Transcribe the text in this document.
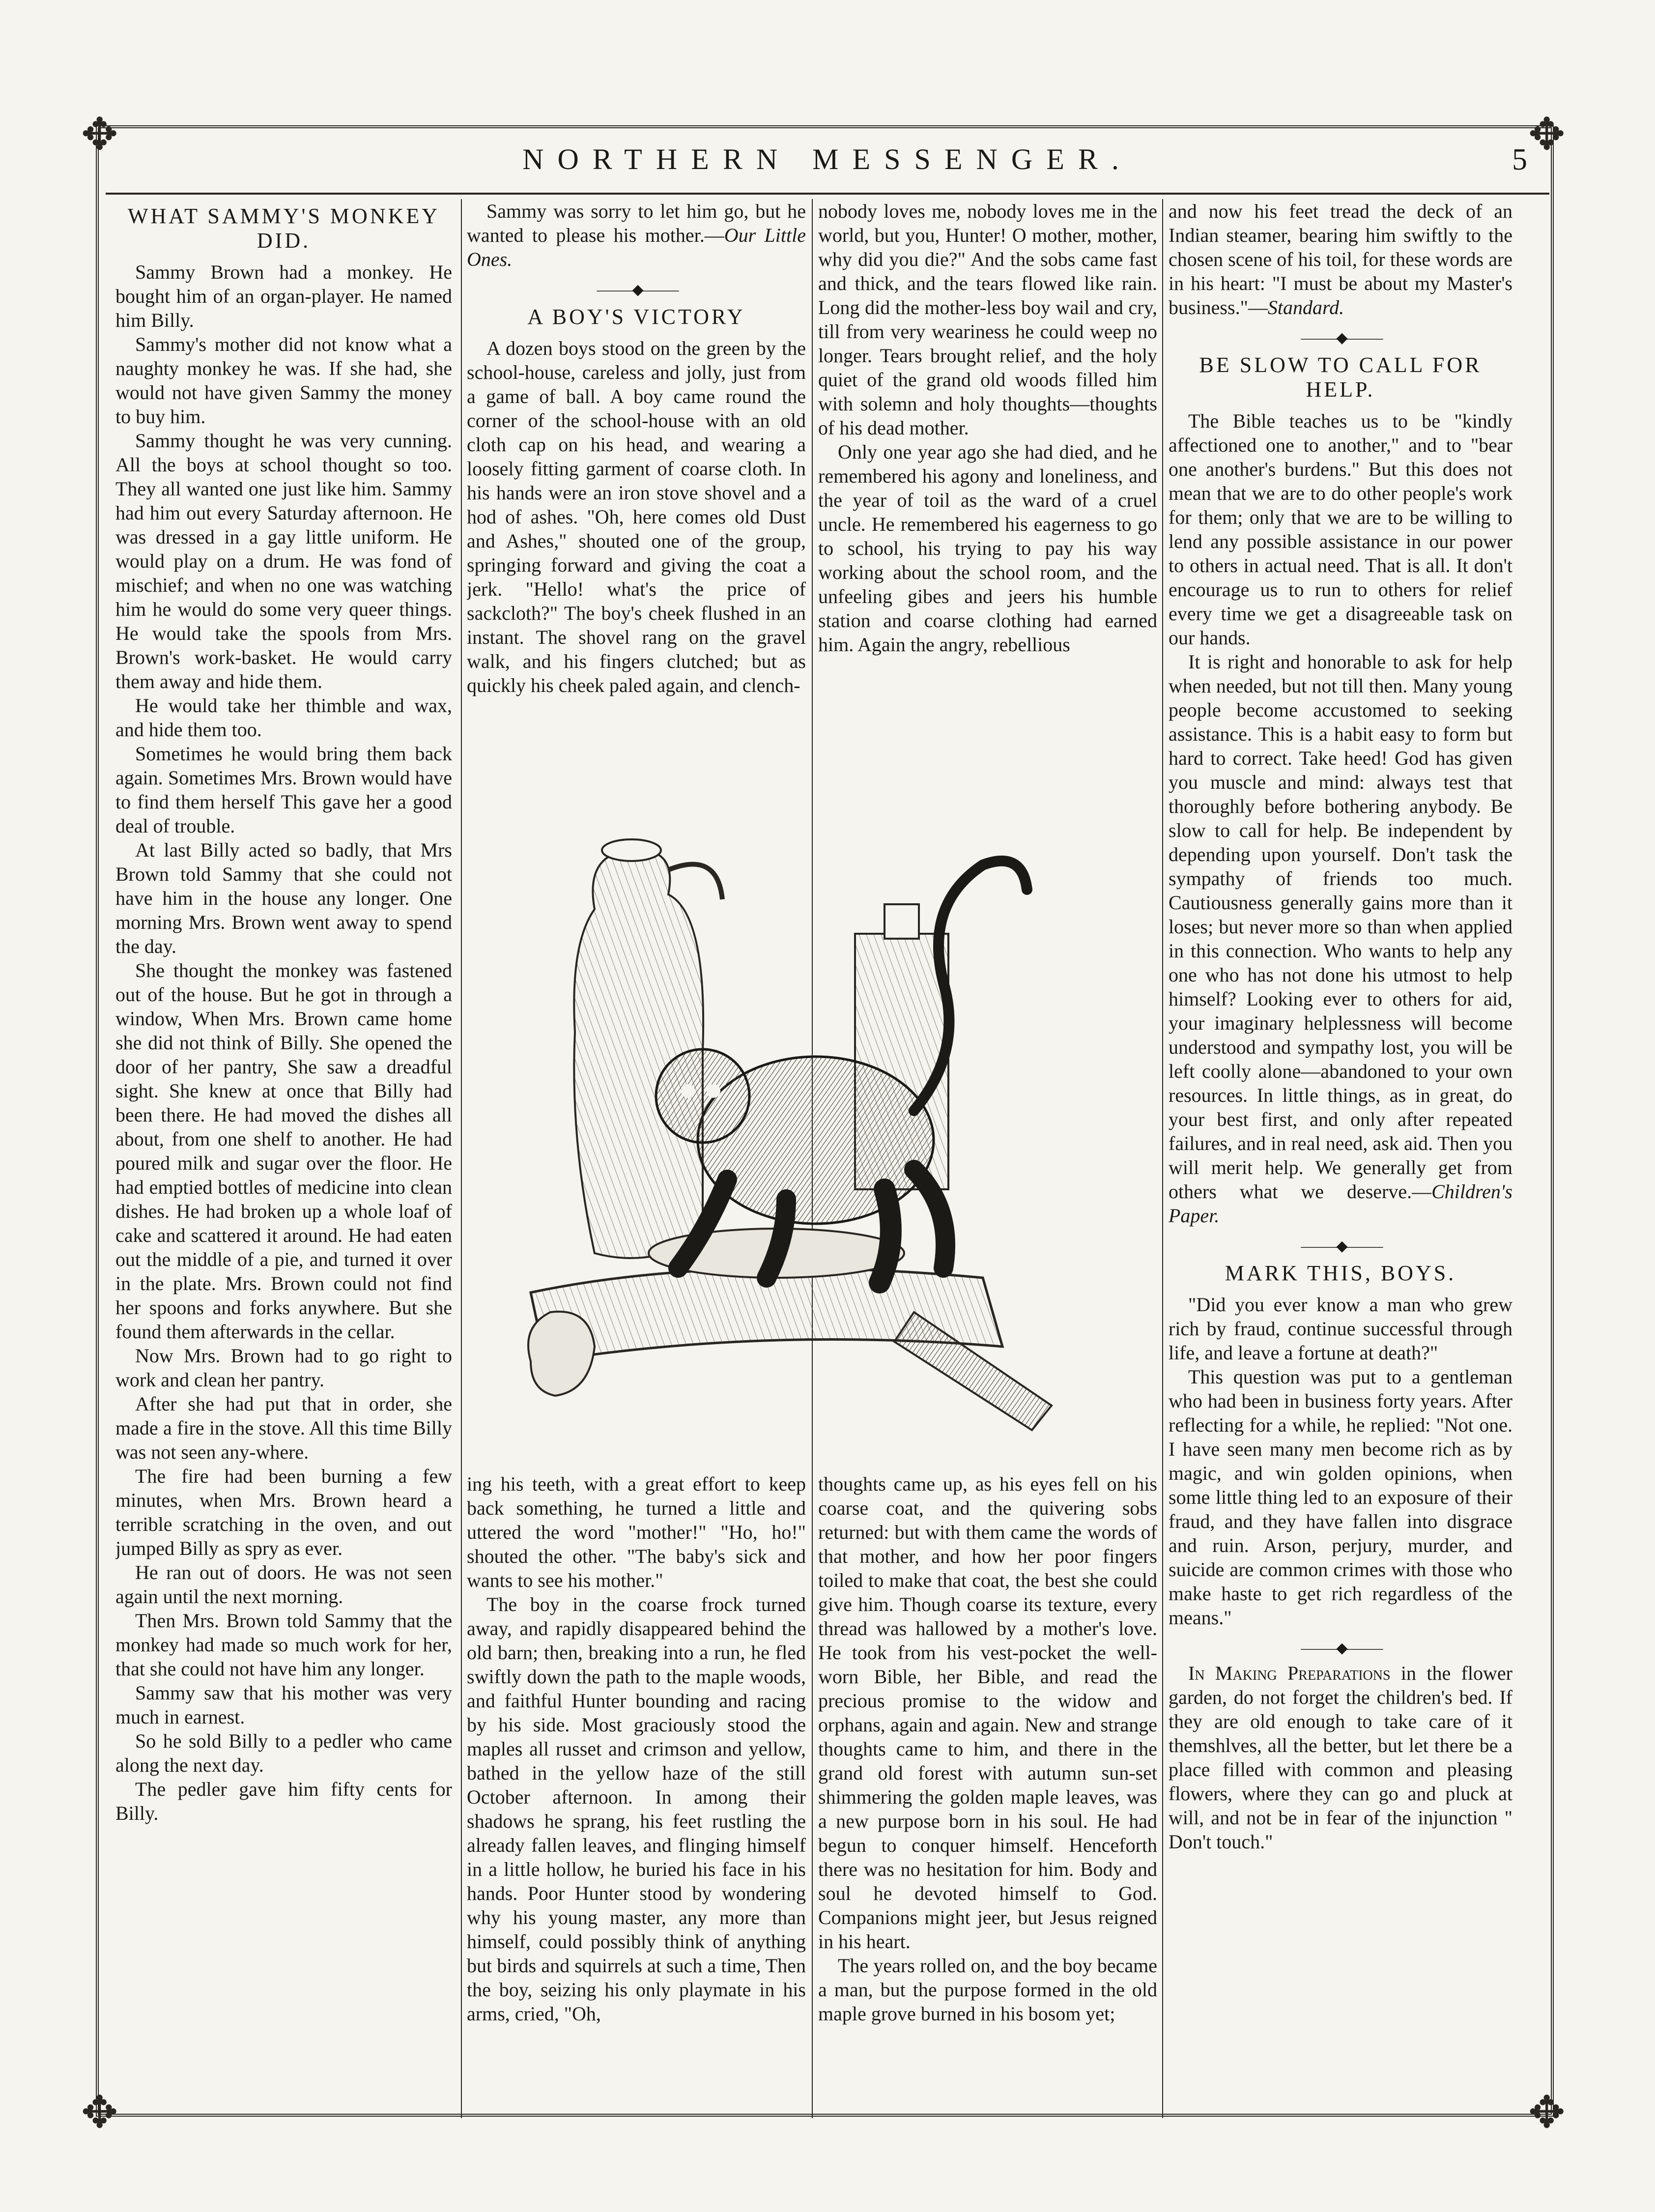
✥	✥
✥	✥
NORTHERN MESSENGER.	5
WHAT SAMMY'S MONKEY DID.

Sammy Brown had a monkey. He bought him of an organ-player. He named him Billy.

Sammy's mother did not know what a naughty monkey he was. If she had, she would not have given Sammy the money to buy him.

Sammy thought he was very cunning. All the boys at school thought so too. They all wanted one just like him. Sammy had him out every Saturday afternoon. He was dressed in a gay little uniform. He would play on a drum. He was fond of mischief; and when no one was watching him he would do some very queer things. He would take the spools from Mrs. Brown's work-basket. He would carry them away and hide them.

He would take her thimble and wax, and hide them too.

Sometimes he would bring them back again. Sometimes Mrs. Brown would have to find them herself This gave her a good deal of trouble.

At last Billy acted so badly, that Mrs Brown told Sammy that she could not have him in the house any longer. One morning Mrs. Brown went away to spend the day.

She thought the monkey was fastened out of the house. But he got in through a window, When Mrs. Brown came home she did not think of Billy. She opened the door of her pantry, She saw a dreadful sight. She knew at once that Billy had been there. He had moved the dishes all about, from one shelf to another. He had poured milk and sugar over the floor. He had emptied bottles of medicine into clean dishes. He had broken up a whole loaf of cake and scattered it around. He had eaten out the middle of a pie, and turned it over in the plate. Mrs. Brown could not find her spoons and forks anywhere. But she found them afterwards in the cellar.

Now Mrs. Brown had to go right to work and clean her pantry.

After she had put that in order, she made a fire in the stove. All this time Billy was not seen any-where.

The fire had been burning a few minutes, when Mrs. Brown heard a terrible scratching in the oven, and out jumped Billy as spry as ever.

He ran out of doors. He was not seen again until the next morning.

Then Mrs. Brown told Sammy that the monkey had made so much work for her, that she could not have him any longer.

Sammy saw that his mother was very much in earnest.

So he sold Billy to a pedler who came along the next day.

The pedler gave him fifty cents for Billy.

Sammy was sorry to let him go, but he wanted to please his mother.—Our Little Ones.

———◆———
A BOY'S VICTORY

A dozen boys stood on the green by the school-house, careless and jolly, just from a game of ball. A boy came round the corner of the school-house with an old cloth cap on his head, and wearing a loosely fitting garment of coarse cloth. In his hands were an iron stove shovel and a hod of ashes. "Oh, here comes old Dust and Ashes," shouted one of the group, springing forward and giving the coat a jerk. "Hello! what's the price of sackcloth?" The boy's cheek flushed in an instant. The shovel rang on the gravel walk, and his fingers clutched; but as quickly his cheek paled again, and clench-

nobody loves me, nobody loves me in the world, but you, Hunter! O mother, mother, why did you die?" And the sobs came fast and thick, and the tears flowed like rain. Long did the mother-less boy wail and cry, till from very weariness he could weep no longer. Tears brought relief, and the holy quiet of the grand old woods filled him with solemn and holy thoughts—thoughts of his dead mother.

Only one year ago she had died, and he remembered his agony and loneliness, and the year of toil as the ward of a cruel uncle. He remembered his eagerness to go to school, his trying to pay his way working about the school room, and the unfeeling gibes and jeers his humble station and coarse clothing had earned him. Again the angry, rebellious

ing his teeth, with a great effort to keep back something, he turned a little and uttered the word "mother!" "Ho, ho!" shouted the other. "The baby's sick and wants to see his mother."

The boy in the coarse frock turned away, and rapidly disappeared behind the old barn; then, breaking into a run, he fled swiftly down the path to the maple woods, and faithful Hunter bounding and racing by his side. Most graciously stood the maples all russet and crimson and yellow, bathed in the yellow haze of the still October afternoon. In among their shadows he sprang, his feet rustling the already fallen leaves, and flinging himself in a little hollow, he buried his face in his hands. Poor Hunter stood by wondering why his young master, any more than himself, could possibly think of anything but birds and squirrels at such a time, Then the boy, seizing his only playmate in his arms, cried, "Oh,

thoughts came up, as his eyes fell on his coarse coat, and the quivering sobs returned: but with them came the words of that mother, and how her poor fingers toiled to make that coat, the best she could give him. Though coarse its texture, every thread was hallowed by a mother's love. He took from his vest-pocket the well-worn Bible, her Bible, and read the precious promise to the widow and orphans, again and again. New and strange thoughts came to him, and there in the grand old forest with autumn sun-set shimmering the golden maple leaves, was a new purpose born in his soul. He had begun to conquer himself. Henceforth there was no hesitation for him. Body and soul he devoted himself to God. Companions might jeer, but Jesus reigned in his heart.

The years rolled on, and the boy became a man, but the purpose formed in the old maple grove burned in his bosom yet;

and now his feet tread the deck of an Indian steamer, bearing him swiftly to the chosen scene of his toil, for these words are in his heart: "I must be about my Master's business."—Standard.

———◆———
BE SLOW TO CALL FOR HELP.

The Bible teaches us to be "kindly affectioned one to another," and to "bear one another's burdens." But this does not mean that we are to do other people's work for them; only that we are to be willing to lend any possible assistance in our power to others in actual need. That is all. It don't encourage us to run to others for relief every time we get a disagreeable task on our hands.

It is right and honorable to ask for help when needed, but not till then. Many young people become accustomed to seeking assistance. This is a habit easy to form but hard to correct. Take heed! God has given you muscle and mind: always test that thoroughly before bothering anybody. Be slow to call for help. Be independent by depending upon yourself. Don't task the sympathy of friends too much. Cautiousness generally gains more than it loses; but never more so than when applied in this connection. Who wants to help any one who has not done his utmost to help himself? Looking ever to others for aid, your imaginary helplessness will become understood and sympathy lost, you will be left coolly alone—abandoned to your own resources. In little things, as in great, do your best first, and only after repeated failures, and in real need, ask aid. Then you will merit help. We generally get from others what we deserve.—Children's Paper.

———◆———
MARK THIS, BOYS.

"Did you ever know a man who grew rich by fraud, continue successful through life, and leave a fortune at death?"

This question was put to a gentleman who had been in business forty years. After reflecting for a while, he replied: "Not one. I have seen many men become rich as by magic, and win golden opinions, when some little thing led to an exposure of their fraud, and they have fallen into disgrace and ruin. Arson, perjury, murder, and suicide are common crimes with those who make haste to get rich regardless of the means."

———◆———

In Making Preparations in the flower garden, do not forget the children's bed. If they are old enough to take care of it themshlves, all the better, but let there be a place filled with common and pleasing flowers, where they can go and pluck at will, and not be in fear of the injunction " Don't touch."
